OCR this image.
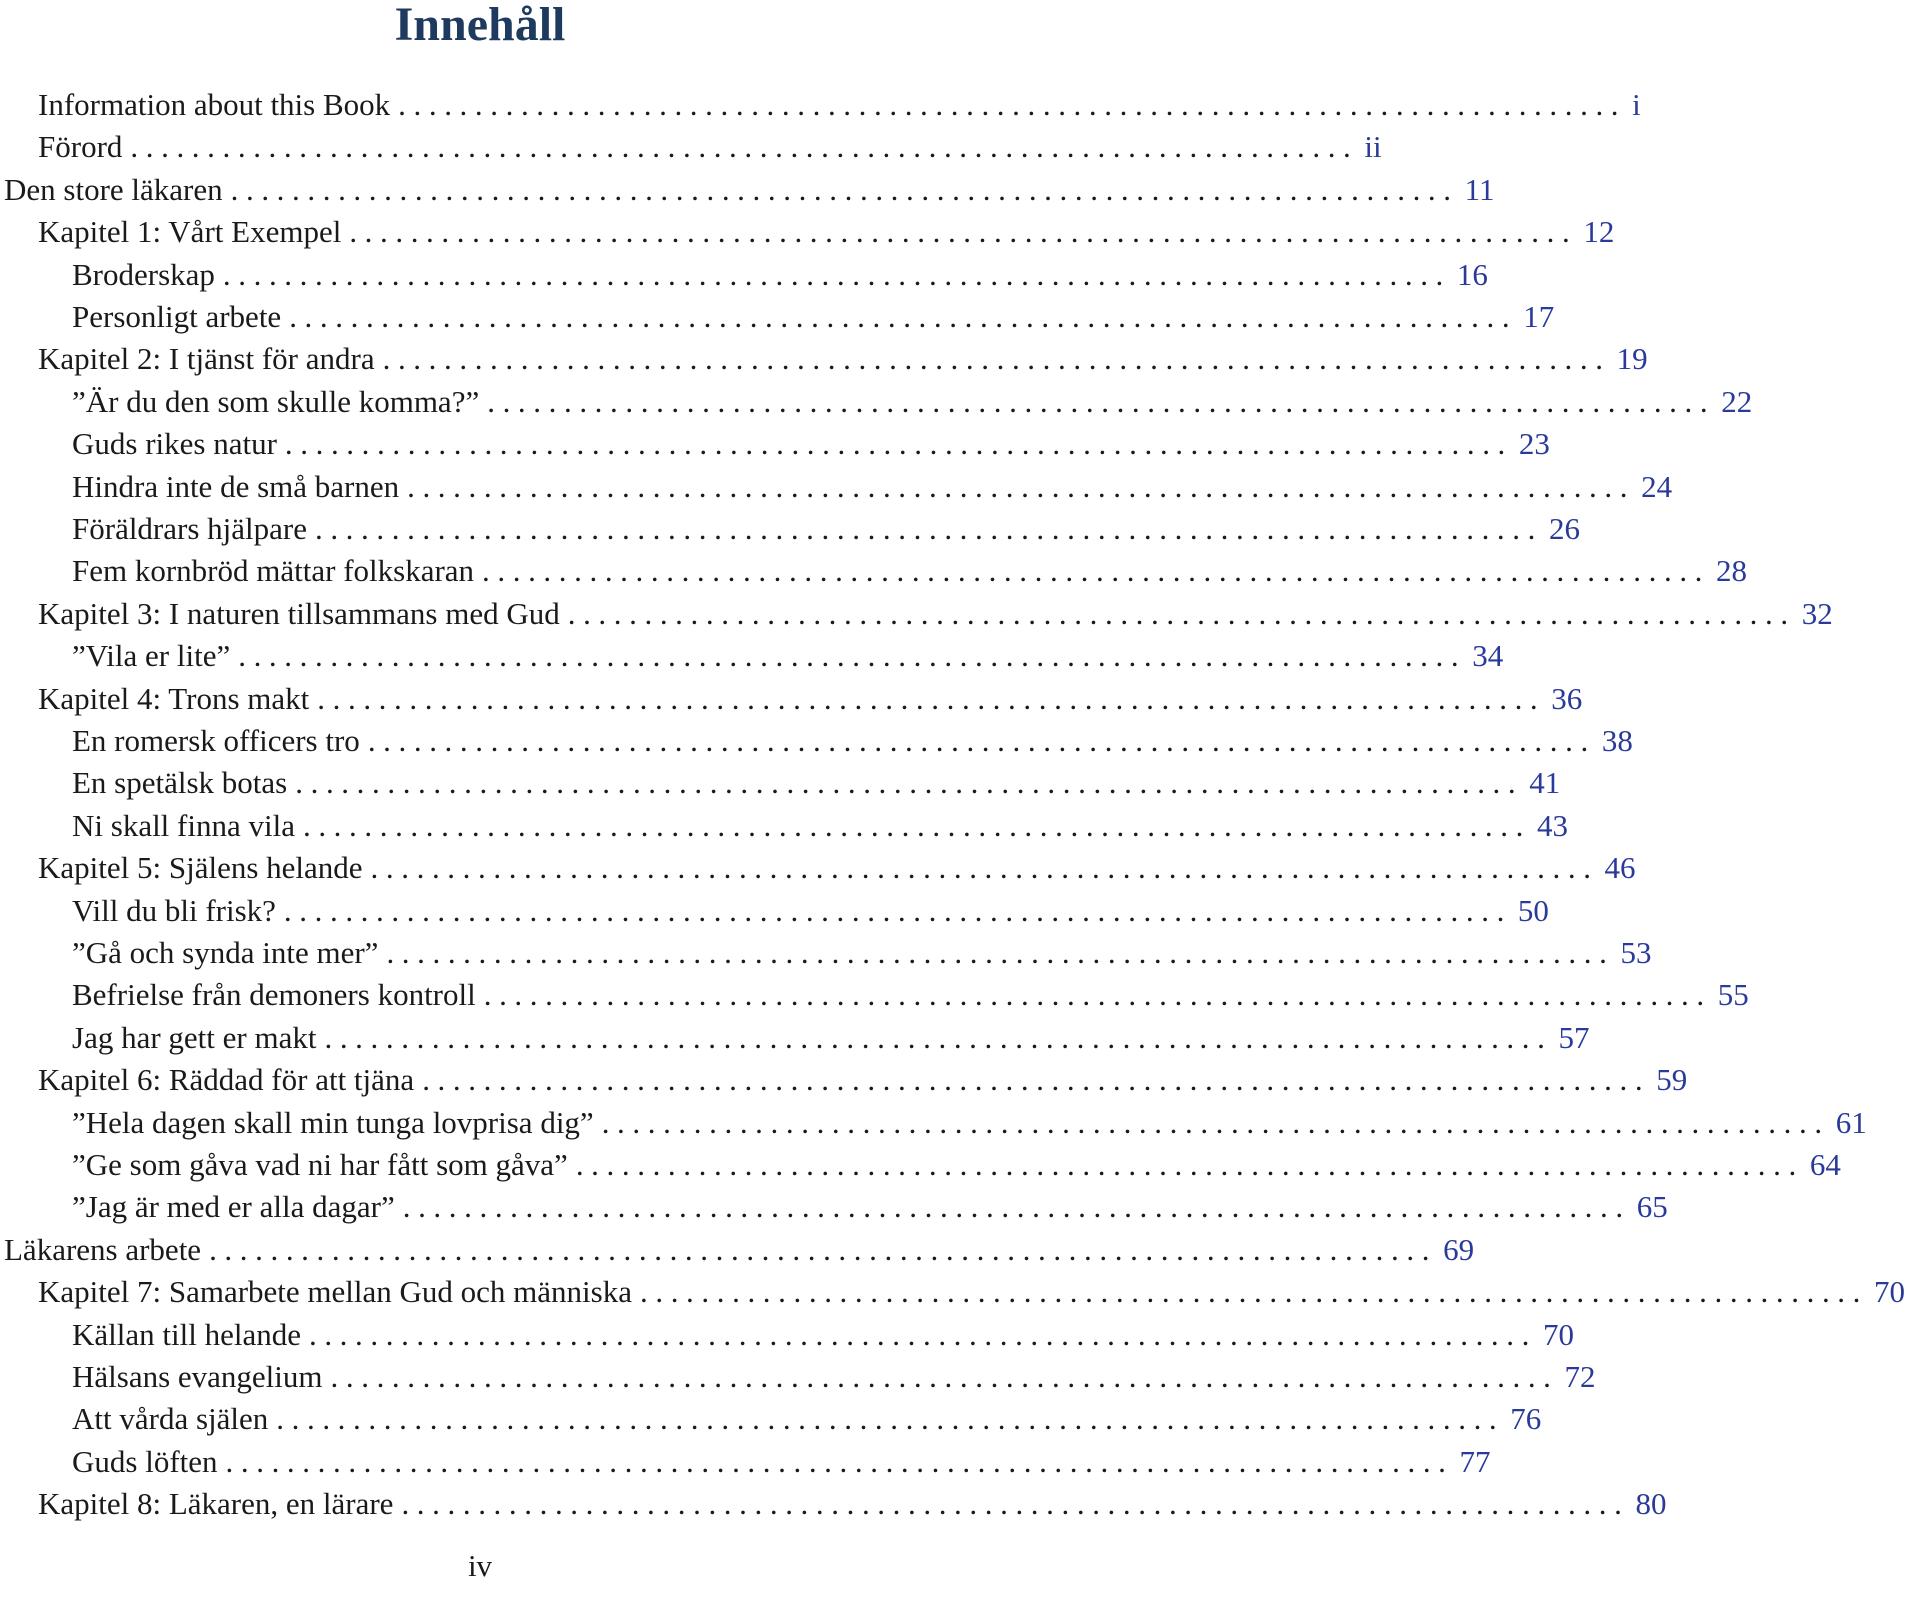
Innehåll
Information about this Book ................................................................................ i
Förord ................................................................................ ii
Den store läkaren ................................................................................ 11
Kapitel 1: Vårt Exempel ................................................................................ 12
Broderskap ................................................................................ 16
Personligt arbete ................................................................................ 17
Kapitel 2: I tjänst för andra ................................................................................ 19
”Är du den som skulle komma?” ................................................................................ 22
Guds rikes natur ................................................................................ 23
Hindra inte de små barnen ................................................................................ 24
Föräldrars hjälpare ................................................................................ 26
Fem kornbröd mättar folkskaran ................................................................................ 28
Kapitel 3: I naturen tillsammans med Gud ................................................................................ 32
”Vila er lite” ................................................................................ 34
Kapitel 4: Trons makt ................................................................................ 36
En romersk officers tro ................................................................................ 38
En spetälsk botas ................................................................................ 41
Ni skall finna vila ................................................................................ 43
Kapitel 5: Själens helande ................................................................................ 46
Vill du bli frisk? ................................................................................ 50
”Gå och synda inte mer” ................................................................................ 53
Befrielse från demoners kontroll ................................................................................ 55
Jag har gett er makt ................................................................................ 57
Kapitel 6: Räddad för att tjäna ................................................................................ 59
”Hela dagen skall min tunga lovprisa dig” ................................................................................ 61
”Ge som gåva vad ni har fått som gåva” ................................................................................ 64
”Jag är med er alla dagar” ................................................................................ 65
Läkarens arbete ................................................................................ 69
Kapitel 7: Samarbete mellan Gud och människa ................................................................................ 70
Källan till helande ................................................................................ 70
Hälsans evangelium ................................................................................ 72
Att vårda själen ................................................................................ 76
Guds löften ................................................................................ 77
Kapitel 8: Läkaren, en lärare ................................................................................ 80
iv
